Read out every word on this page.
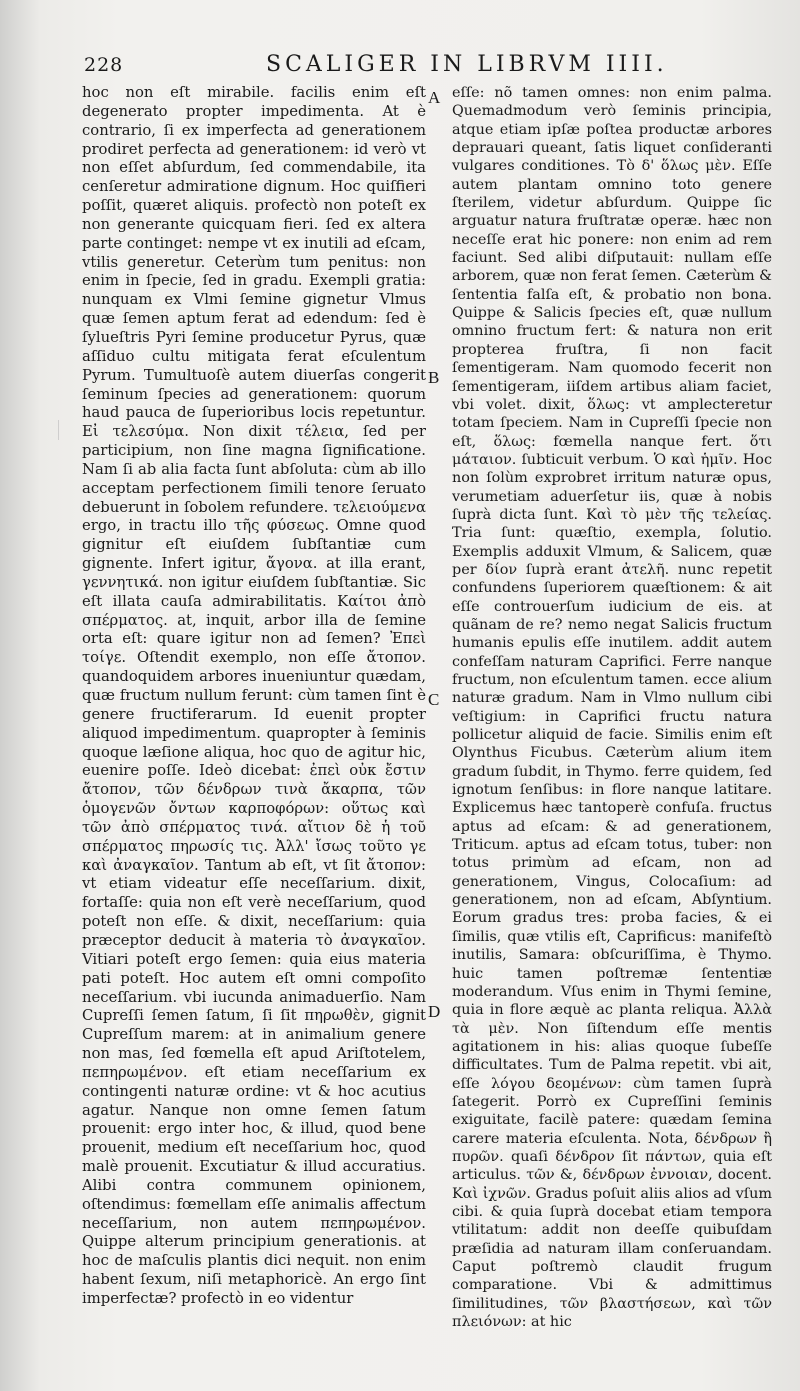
228	SCALIGER IN LIBRVM IIII.

hoc non eſt mirabile. facilis enim eſt degenerato propter impedimenta. At è contrario, ſi ex imperfecta ad generationem prodiret perfecta ad generationem: id verò vt non eſſet abſurdum, ſed commendabile, ita cenſeretur admiratione dignum. Hoc quiſfieri poſſit, quæret aliquis. profectò non poteſt ex non generante quicquam fieri. ſed ex altera parte continget: nempe vt ex inutili ad eſcam, vtilis generetur. Ceterùm tum penitus: non enim in ſpecie, ſed in gradu. Exempli gratia: nunquam ex Vlmi ſemine gignetur Vlmus quæ ſemen aptum ferat ad edendum: ſed è ſylueſtris Pyri ſemine producetur Pyrus, quæ aſſiduo cultu mitigata ferat eſculentum Pyrum. Tumultuoſè autem diuerſas congerit ſeminum ſpecies ad generationem: quorum haud pauca de ſuperioribus locis repetuntur. Εἰ τελεσύμα. Non dixit τέλεια, ſed per participium, non ſine magna ſignificatione. Nam ſi ab alia facta ſunt abſoluta: cùm ab illo acceptam perfectionem ſimili tenore ſeruato debuerunt in ſobolem refundere. τελειούμενα ergo, in tractu illo τῆς φύσεως. Omne quod gignitur eſt eiuſdem ſubſtantiæ cum gignente. Infert igitur, ἄγονα. at illa erant, γεννητικά. non igitur eiuſdem ſubſtantiæ. Sic eſt illata cauſa admirabilitatis. Καίτοι ἀπὸ σπέρματος. at, inquit, arbor illa de ſemine orta eſt: quare igitur non ad ſemen? Ἐπεὶ τοίγε. Oſtendit exemplo, non eſſe ἄτοπον. quandoquidem arbores inueniuntur quædam, quæ fructum nullum ferunt: cùm tamen ſint è genere fructiferarum. Id euenit propter aliquod impedimentum. quapropter à ſeminis quoque læſione aliqua, hoc quo de agitur hic, euenire poſſe. Ideò dicebat: ἐπεὶ οὐκ ἔστιν ἄτοπον, τῶν δένδρων τινὰ ἄκαρπα, τῶν ὁμογενῶν ὄντων καρποφόρων: οὕτως καὶ τῶν ἀπὸ σπέρματος τινά. αἴτιον δὲ ἡ τοῦ σπέρματος πηρωσίς τις. Ἀλλ' ἴσως τοῦτο γε καὶ ἀναγκαῖον. Tantum ab eſt, vt ſit ἄτοπον: vt etiam videatur eſſe neceſſarium. dixit, fortaſſe: quia non eſt verè neceſſarium, quod poteſt non eſſe. & dixit, neceſſarium: quia præceptor deducit à materia τὸ ἀναγκαῖον. Vitiari poteſt ergo ſemen: quia eius materia pati poteſt. Hoc autem eſt omni compoſito neceſſarium. vbi iucunda animaduerſio. Nam Cupreſſi ſemen ſatum, ſi ſit πηρωθὲν, gignit Cupreſſum marem: at in animalium genere non mas, ſed fœmella eſt apud Ariſtotelem, πεπηρωμένον. eſt etiam neceſſarium ex contingenti naturæ ordine: vt & hoc acutius agatur. Nanque non omne ſemen ſatum prouenit: ergo inter hoc, & illud, quod bene prouenit, medium eſt neceſſarium hoc, quod malè prouenit. Excutiatur & illud accuratius. Alibi contra communem opinionem, oſtendimus: fœmellam eſſe animalis affectum neceſſarium, non autem πεπηρωμένον. Quippe alterum principium generationis. at hoc de maſculis plantis dici nequit. non enim habent ſexum, niſi metaphoricè. An ergo ſint imperfectæ? profectò in eo videntur

A
B
C
D

eſſe: nõ tamen omnes: non enim palma. Quemadmodum verò ſeminis principia, atque etiam ipſæ poſtea productæ arbores deprauari queant, ſatis liquet conſideranti vulgares conditiones. Τὸ δ' ὅλως μὲν. Eſſe autem plantam omnino toto genere ſterilem, videtur abſurdum. Quippe ſic arguatur natura fruſtratæ operæ. hæc non neceſſe erat hic ponere: non enim ad rem faciunt. Sed alibi diſputauit: nullam eſſe arborem, quæ non ferat ſemen. Cæterùm & ſententia falſa eſt, & probatio non bona. Quippe & Salicis ſpecies eſt, quæ nullum omnino fructum fert: & natura non erit propterea fruſtra, ſi non facit ſementigeram. Nam quomodo fecerit non ſementigeram, iiſdem artibus aliam faciet, vbi volet. dixit, ὅλως: vt amplecteretur totam ſpeciem. Nam in Cupreſſi ſpecie non eſt, ὅλως: fœmella nanque fert. ὅτι μάταιον. ſubticuit verbum. Ὁ καὶ ἡμῖν. Hoc non ſolùm exprobret irritum naturæ opus, verumetiam aduerſetur iis, quæ à nobis ſuprà dicta ſunt. Καὶ τὸ μὲν τῆς τελείας. Tria ſunt: quæſtio, exempla, ſolutio. Exemplis adduxit Vlmum, & Salicem, quæ per δίον ſuprà erant ἀτελῆ. nunc repetit confundens ſuperiorem quæſtionem: & ait eſſe controuerſum iudicium de eis. at quãnam de re? nemo negat Salicis fructum humanis epulis eſſe inutilem. addit autem confeſſam naturam Caprifici. Ferre nanque fructum, non eſculentum tamen. ecce alium naturæ gradum. Nam in Vlmo nullum cibi veſtigium: in Caprifici fructu natura pollicetur aliquid de facie. Similis enim eſt Olynthus Ficubus. Cæterùm alium item gradum ſubdit, in Thymo. ferre quidem, ſed ignotum ſenſibus: in flore nanque latitare. Explicemus hæc tantoperè confuſa. fructus aptus ad eſcam: & ad generationem, Triticum. aptus ad eſcam totus, tuber: non totus primùm ad eſcam, non ad generationem, Vingus, Colocaſium: ad generationem, non ad eſcam, Abſyntium. Eorum gradus tres: proba facies, & ei ſimilis, quæ vtilis eſt, Caprificus: manifeſtò inutilis, Samara: obſcuriſſima, è Thymo. huic tamen poſtremæ ſententiæ moderandum. Vſus enim in Thymi ſemine, quia in flore æquè ac planta reliqua. Ἀλλὰ τὰ μὲν. Non ſiſtendum eſſe mentis agitationem in his: alias quoque ſubeſſe difficultates. Tum de Palma repetit. vbi ait, eſſe λόγου δεομένων: cùm tamen ſuprà ſategerit. Porrò ex Cupreſſini ſeminis exiguitate, facilè patere: quædam ſemina carere materia eſculenta. Nota, δένδρων ἢ πυρῶν. quaſi δένδρον ſit πάντων, quia eſt articulus. τῶν &, δένδρων ἐννοιαν, docent. Καὶ ἰχνῶν. Gradus poſuit aliis alios ad vſum cibi. & quia ſuprà docebat etiam tempora vtilitatum: addit non deeſſe quibuſdam præſidia ad naturam illam conſeruandam. Caput poſtremò claudit frugum comparatione. Vbi & admittimus ſimilitudines, τῶν βλαστήσεων, καὶ τῶν πλειόνων: at hic
